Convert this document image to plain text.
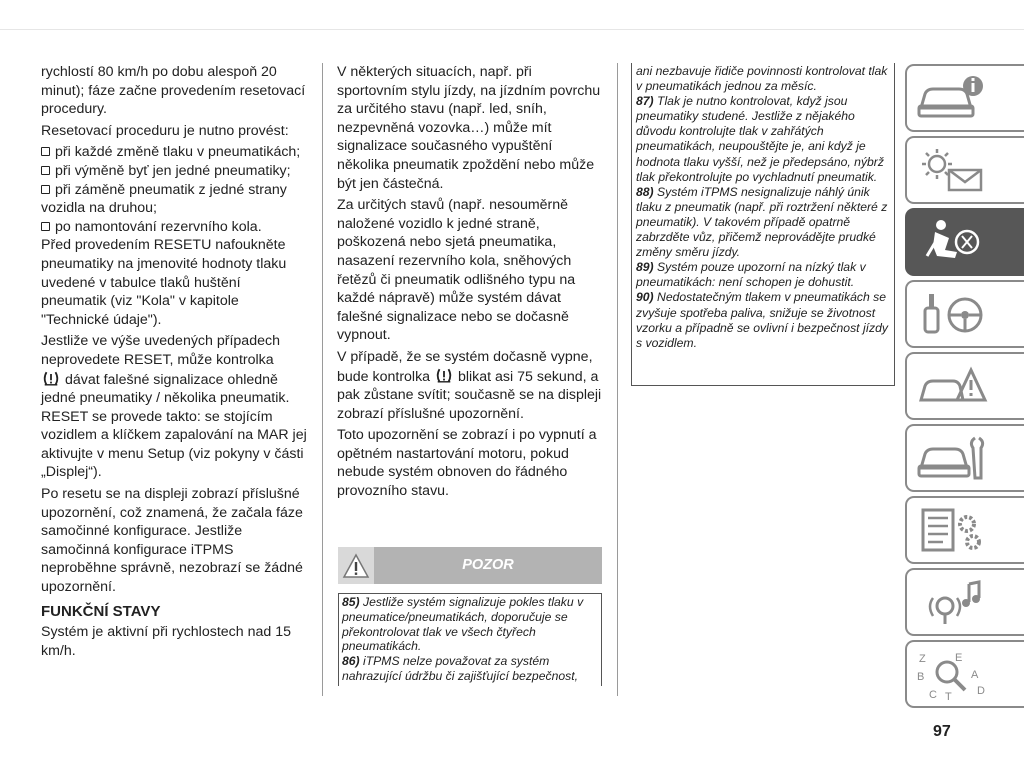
rychlostí 80 km/h po dobu alespoň 20 minut); fáze začne provedením resetovací procedury.

Resetovací proceduru je nutno provést:

při každé změně tlaku v pneumatikách;

při výměně byť jen jedné pneumatiky;

při záměně pneumatik z jedné strany vozidla na druhou;

po namontování rezervního kola.

Před provedením RESETU nafoukněte pneumatiky na jmenovité hodnoty tlaku uvedené v tabulce tlaků huštění pneumatik (viz "Kola" v kapitole "Technické údaje").

Jestliže ve výše uvedených případech neprovedete RESET, může kontrolka
dávat falešné signalizace ohledně jedné pneumatiky / několika pneumatik. RESET se provede takto: se stojícím vozidlem a klíčkem zapalování na MAR jej aktivujte v menu Setup (viz pokyny v části „Displej“).

Po resetu se na displeji zobrazí příslušné upozornění, což znamená, že začala fáze samočinné konfigurace. Jestliže samočinná konfigurace iTPMS neproběhne správně, nezobrazí se žádné upozornění.

FUNKČNÍ STAVY

Systém je aktivní při rychlostech nad 15 km/h.

V některých situacích, např. při sportovním stylu jízdy, na jízdním povrchu za určitého stavu (např. led, sníh, nezpevněná vozovka…) může mít signalizace současného vypuštění několika pneumatik zpoždění nebo může být jen částečná.

Za určitých stavů (např. nesouměrně naložené vozidlo k jedné straně, poškozená nebo sjetá pneumatika, nasazení rezervního kola, sněhových řetězů či pneumatik odlišného typu na každé nápravě) může systém dávat falešné signalizace nebo se dočasně vypnout.

V případě, že se systém dočasně vypne, bude kontrolka blikat asi 75 sekund, a pak zůstane svítit; současně se na displeji zobrazí příslušné upozornění.

Toto upozornění se zobrazí i po vypnutí a opětném nastartování motoru, pokud nebude systém obnoven do řádného provozního stavu.

POZOR

85) Jestliže systém signalizuje pokles tlaku v pneumatice/pneumatikách, doporučuje se překontrolovat tlak ve všech čtyřech pneumatikách.

86) iTPMS nelze považovat za systém nahrazující údržbu či zajišťující bezpečnost,

ani nezbavuje řidiče povinnosti kontrolovat tlak v pneumatikách jednou za měsíc.

87) Tlak je nutno kontrolovat, když jsou pneumatiky studené. Jestliže z nějakého důvodu kontrolujte tlak v zahřátých pneumatikách, neupouštějte je, ani když je hodnota tlaku vyšší, než je předepsáno, nýbrž tlak překontrolujte po vychladnutí pneumatik.

88) Systém iTPMS nesignalizuje náhlý únik tlaku z pneumatik (např. při roztržení některé z pneumatik). V takovém případě opatrně zabrzděte vůz, přičemž neprovádějte prudké změny směru jízdy.

89) Systém pouze upozorní na nízký tlak v pneumatikách: není schopen je dohustit.

90) Nedostatečným tlakem v pneumatikách se zvyšuje spotřeba paliva, snižuje se životnost vzorku a případně se ovlivní i bezpečnost jízdy s vozidlem.

Z	E
B	A
C T D
97
